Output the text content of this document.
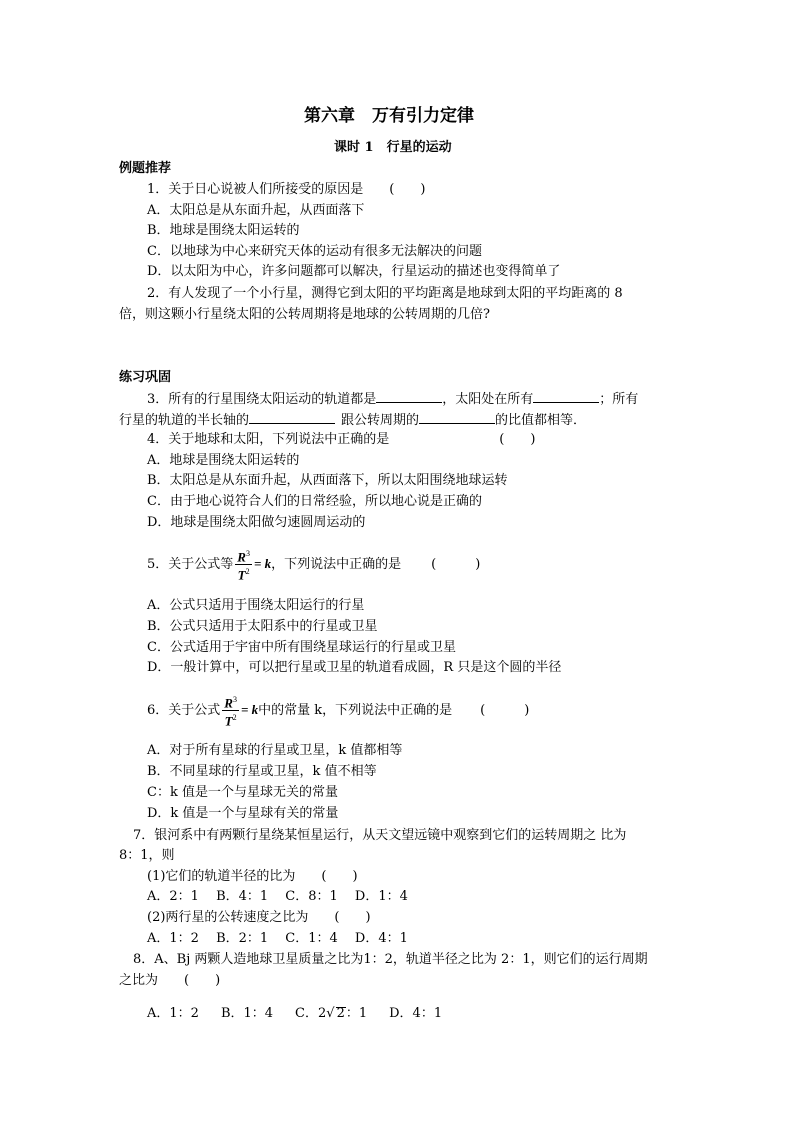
第六章　万有引力定律
课时 1　行星的运动
例题推荐
1．关于日心说被人们所接受的原因是 (　　)
A．太阳总是从东面升起，从西面落下
B．地球是围绕太阳运转的
C．以地球为中心来研究天体的运动有很多无法解决的问题
D．以太阳为中心，许多问题都可以解决，行星运动的描述也变得简单了
2．有人发现了一个小行星，测得它到太阳的平均距离是地球到太阳的平均距离的 8
倍，则这颗小行星绕太阳的公转周期将是地球的公转周期的几倍?
练习巩固
3．所有的行星围绕太阳运动的轨道都是	，太阳处在所有	；所有
行星的轨道的半长轴的	跟公转周期的	的比值都相等．
4．关于地球和太阳，下列说法中正确的是	(　　)
A．地球是围绕太阳运转的
B．太阳总是从东面升起，从西面落下，所以太阳围绕地球运转
C．由于地心说符合人们的日常经验，所以地心说是正确的
D．地球是围绕太阳做匀速圆周运动的
5．关于公式等 $\frac{R^3}{T^2} = k$，下列说法中正确的是 (　　　)
A．公式只适用于围绕太阳运行的行星
B．公式只适用于太阳系中的行星或卫星
C．公式适用于宇宙中所有围绕星球运行的行星或卫星
D．一般计算中，可以把行星或卫星的轨道看成圆，R 只是这个圆的半径
6．关于公式 $\frac{R^3}{T^2} = k$中的常量 k，下列说法中正确的是 (　　　)
A．对于所有星球的行星或卫星，k 值都相等
B．不同星球的行星或卫星，k 值不相等
C：k 值是一个与星球无关的常量
D．k 值是一个与星球有关的常量
7．银河系中有两颗行星绕某恒星运行，从天文望远镜中观察到它们的运转周期之 比为
8：1，则
(1)它们的轨道半径的比为　　(　　)
A．2：1　 B．4：1　 C．8：1　 D．1：4
(2)两行星的公转速度之比为　　(　　)
A．1：2　 B．2：1　 C．1：4　 D．4：1
8．A、Bj 两颗人造地球卫星质量之比为1：2，轨道半径之比为 2：1，则它们的运行周期
之比为　　(　　)
A．1：2 B．1：4 C．2√ 2：1 D．4：1
